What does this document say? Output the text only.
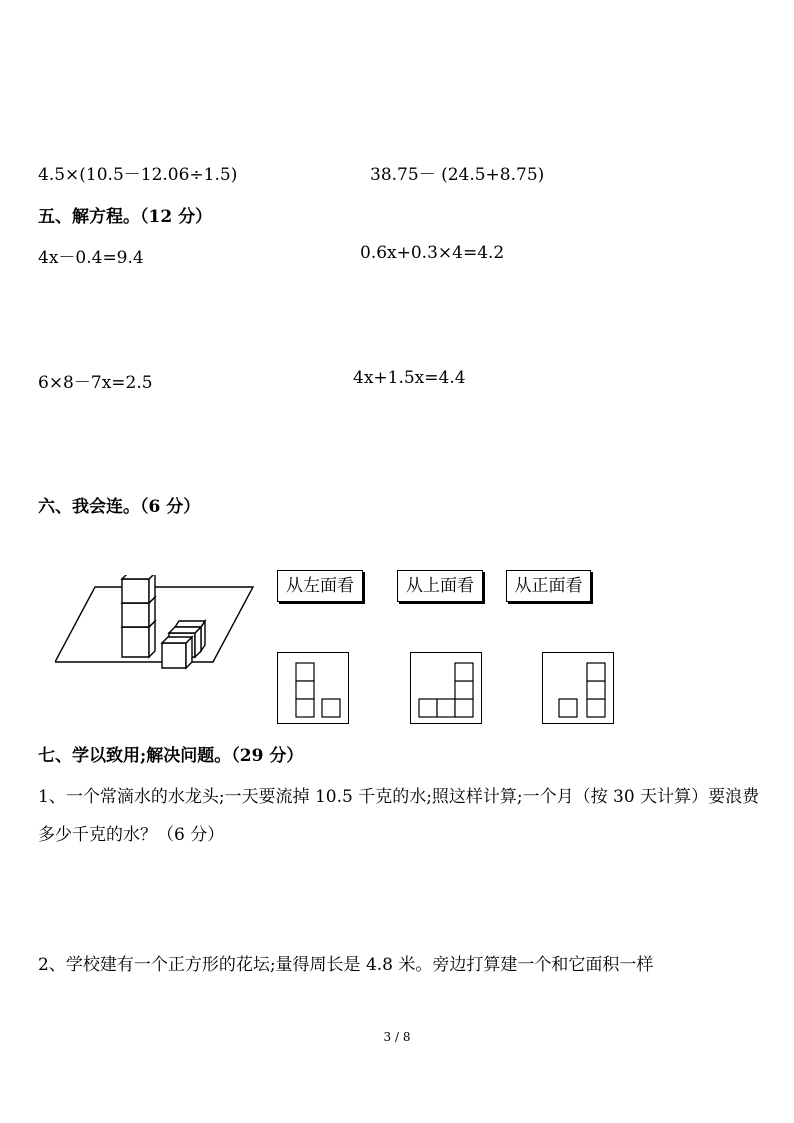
4.5×(10.5－12.06÷1.5)	38.75－ (24.5+8.75)
五、解方程。（12 分）
4x－0.4=9.4	0.6x+0.3×4=4.2
6×8－7x=2.5	4x+1.5x=4.4
六、我会连。（6 分）
从左面看	从上面看	从正面看
七、学以致用;解决问题。（29 分）
1、一个常滴水的水龙头;一天要流掉 10.5 千克的水;照这样计算;一个月（按 30 天计算）要浪费多少千克的水？（6 分）
2、学校建有一个正方形的花坛;量得周长是 4.8 米。旁边打算建一个和它面积一样
3 / 8
